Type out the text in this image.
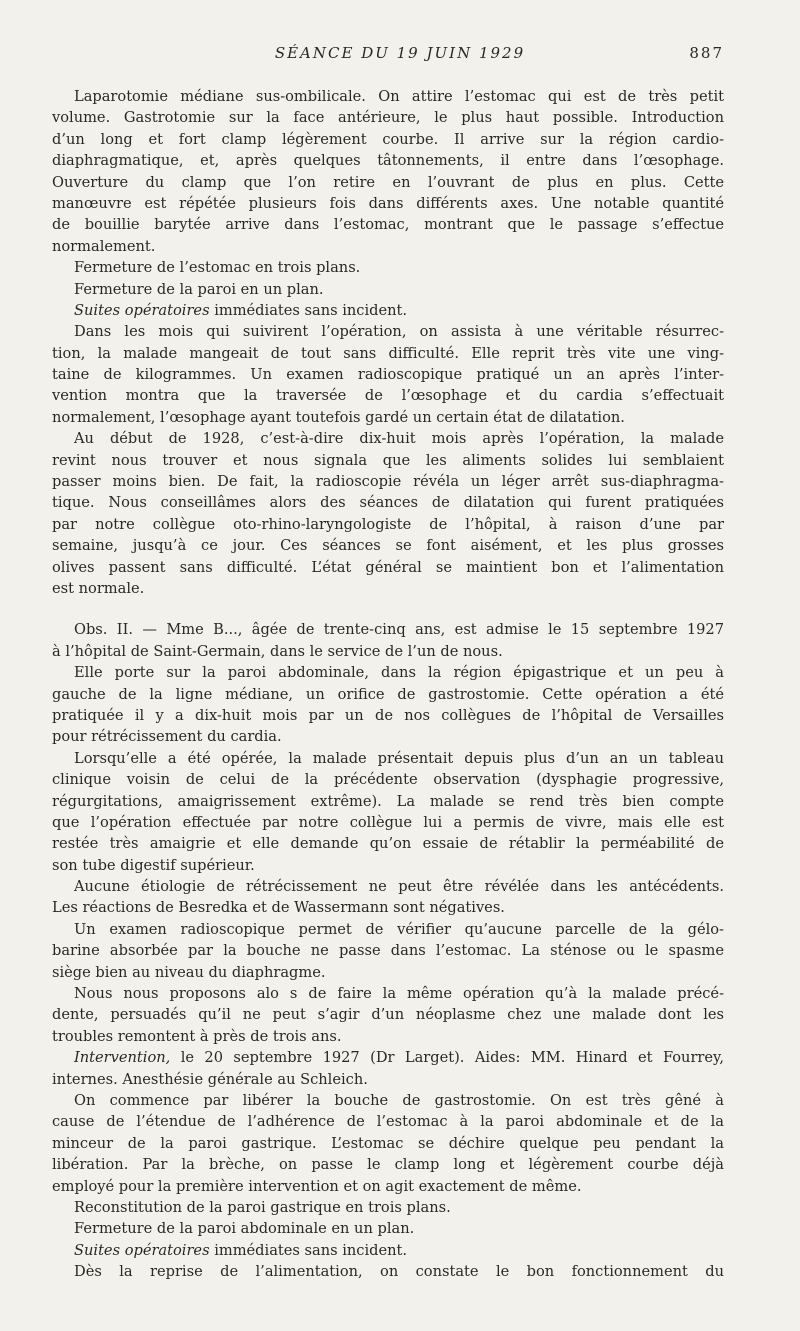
SÉANCE DU 19 JUIN 1929	887
Laparotomie médiane sus-ombilicale. On attire l’estomac qui est de très petit
volume. Gastrotomie sur la face antérieure, le plus haut possible. Introduction
d’un long et fort clamp légèrement courbe. Il arrive sur la région cardio-
diaphragmatique, et, après quelques tâtonnements, il entre dans l’œsophage.
Ouverture du clamp que l’on retire en l’ouvrant de plus en plus. Cette
manœuvre est répétée plusieurs fois dans différents axes. Une notable quantité
de bouillie barytée arrive dans l’estomac, montrant que le passage s’effectue
normalement.
Fermeture de l’estomac en trois plans.
Fermeture de la paroi en un plan.
Suites opératoires immédiates sans incident.
Dans les mois qui suivirent l’opération, on assista à une véritable résurrec-
tion, la malade mangeait de tout sans difficulté. Elle reprit très vite une ving-
taine de kilogrammes. Un examen radioscopique pratiqué un an après l’inter-
vention montra que la traversée de l’œsophage et du cardia s’effectuait
normalement, l’œsophage ayant toutefois gardé un certain état de dilatation.
Au début de 1928, c’est-à-dire dix-huit mois après l’opération, la malade
revint nous trouver et nous signala que les aliments solides lui semblaient
passer moins bien. De fait, la radioscopie révéla un léger arrêt sus-diaphragma-
tique. Nous conseillâmes alors des séances de dilatation qui furent pratiquées
par notre collègue oto-rhino-laryngologiste de l’hôpital, à raison d’une par
semaine, jusqu’à ce jour. Ces séances se font aisément, et les plus grosses
olives passent sans difficulté. L’état général se maintient bon et l’alimentation
est normale.
Obs. II. — Mme B..., âgée de trente-cinq ans, est admise le 15 septembre 1927
à l’hôpital de Saint-Germain, dans le service de l’un de nous.
Elle porte sur la paroi abdominale, dans la région épigastrique et un peu à
gauche de la ligne médiane, un orifice de gastrostomie. Cette opération a été
pratiquée il y a dix-huit mois par un de nos collègues de l’hôpital de Versailles
pour rétrécissement du cardia.
Lorsqu’elle a été opérée, la malade présentait depuis plus d’un an un tableau
clinique voisin de celui de la précédente observation (dysphagie progressive,
régurgitations, amaigrissement extrême). La malade se rend très bien compte
que l’opération effectuée par notre collègue lui a permis de vivre, mais elle est
restée très amaigrie et elle demande qu’on essaie de rétablir la perméabilité de
son tube digestif supérieur.
Aucune étiologie de rétrécissement ne peut être révélée dans les antécédents.
Les réactions de Besredka et de Wassermann sont négatives.
Un examen radioscopique permet de vérifier qu’aucune parcelle de la gélo-
barine absorbée par la bouche ne passe dans l’estomac. La sténose ou le spasme
siège bien au niveau du diaphragme.
Nous nous proposons alo s de faire la même opération qu’à la malade précé-
dente, persuadés qu’il ne peut s’agir d’un néoplasme chez une malade dont les
troubles remontent à près de trois ans.
Intervention, le 20 septembre 1927 (Dr Larget). Aides: MM. Hinard et Fourrey,
internes. Anesthésie générale au Schleich.
On commence par libérer la bouche de gastrostomie. On est très gêné à
cause de l’étendue de l’adhérence de l’estomac à la paroi abdominale et de la
minceur de la paroi gastrique. L’estomac se déchire quelque peu pendant la
libération. Par la brèche, on passe le clamp long et légèrement courbe déjà
employé pour la première intervention et on agit exactement de même.
Reconstitution de la paroi gastrique en trois plans.
Fermeture de la paroi abdominale en un plan.
Suites opératoires immédiates sans incident.
Dès la reprise de l’alimentation, on constate le bon fonctionnement du
